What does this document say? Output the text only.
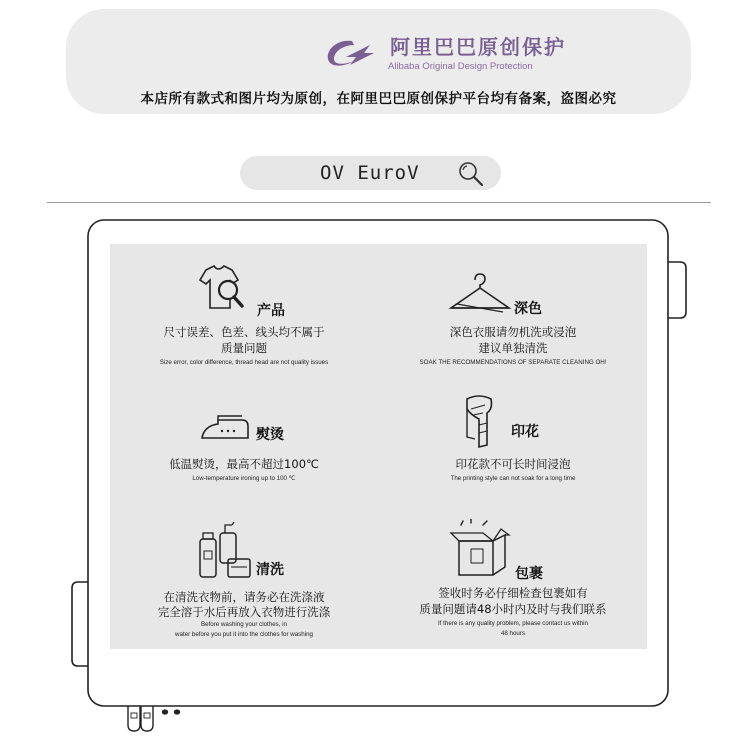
阿里巴巴原创保护
Alibaba Original Design Protection
本店所有款式和图片均为原创，在阿里巴巴原创保护平台均有备案，盗图必究
OV EuroV
产品
尺寸误差、色差、线头均不属于
质量问题
Size error, color difference, thread head are not quality issues
深色
深色衣服请勿机洗或浸泡
建议单独清洗
SOAK THE RECOMMENDATIONS OF SEPARATE CLEANING OH!
熨烫
低温熨烫，最高不超过100℃
Low-temperature ironing up to 100 ℃
印花
印花款不可长时间浸泡
The printing style can not soak for a long time
清洗
在清洗衣物前，请务必在洗涤液
完全溶于水后再放入衣物进行洗涤
Before washing your clothes, in
water before you put it into the clothes for washing
包裹
签收时务必仔细检查包裹如有
质量问题请48小时内及时与我们联系
If there is any quality problem, please contact us within
48 hours
